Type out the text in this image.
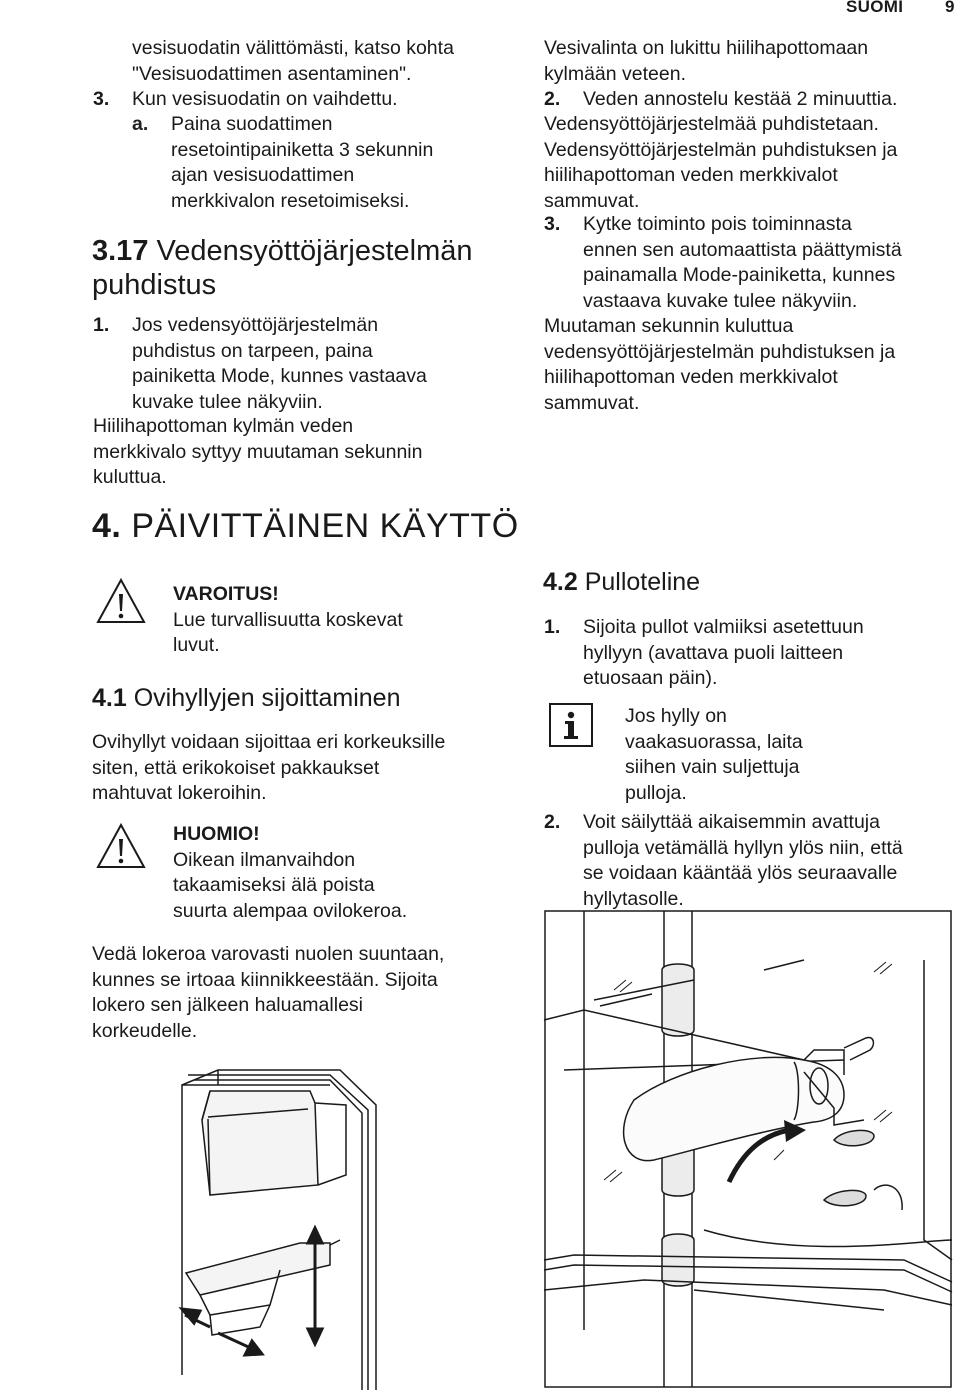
SUOMI 9
vesisuodatin välittömästi, katso kohta
"Vesisuodattimen asentaminen".
3. Kun vesisuodatin on vaihdettu.
a. Paina suodattimen
resetointipainiketta 3 sekunnin
ajan vesisuodattimen
merkkivalon resetoimiseksi.
3.17 Vedensyöttöjärjestelmän
puhdistus
1. Jos vedensyöttöjärjestelmän
puhdistus on tarpeen, paina
painiketta Mode, kunnes vastaava
kuvake tulee näkyviin.
Hiilihapottoman kylmän veden
merkkivalo syttyy muutaman sekunnin
kuluttua.
4. PÄIVITTÄINEN KÄYTTÖ
VAROITUS!
Lue turvallisuutta koskevat
luvut.
4.1 Ovihyllyjen sijoittaminen
Ovihyllyt voidaan sijoittaa eri korkeuksille
siten, että erikokoiset pakkaukset
mahtuvat lokeroihin.
HUOMIO!
Oikean ilmanvaihdon
takaamiseksi älä poista
suurta alempaa ovilokeroa.
Vedä lokeroa varovasti nuolen suuntaan,
kunnes se irtoaa kiinnikkeestään. Sijoita
lokero sen jälkeen haluamallesi
korkeudelle.
Vesivalinta on lukittu hiilihapottomaan
kylmään veteen.
2. Veden annostelu kestää 2 minuuttia.
Vedensyöttöjärjestelmää puhdistetaan.
Vedensyöttöjärjestelmän puhdistuksen ja
hiilihapottoman veden merkkivalot
sammuvat.
3. Kytke toiminto pois toiminnasta
ennen sen automaattista päättymistä
painamalla Mode-painiketta, kunnes
vastaava kuvake tulee näkyviin.
Muutaman sekunnin kuluttua
vedensyöttöjärjestelmän puhdistuksen ja
hiilihapottoman veden merkkivalot
sammuvat.
4.2 Pulloteline
1. Sijoita pullot valmiiksi asetettuun
hyllyyn (avattava puoli laitteen
etuosaan päin).
Jos hylly on
vaakasuorassa, laita
siihen vain suljettuja
pulloja.
2. Voit säilyttää aikaisemmin avattuja
pulloja vetämällä hyllyn ylös niin, että
se voidaan kääntää ylös seuraavalle
hyllytasolle.
